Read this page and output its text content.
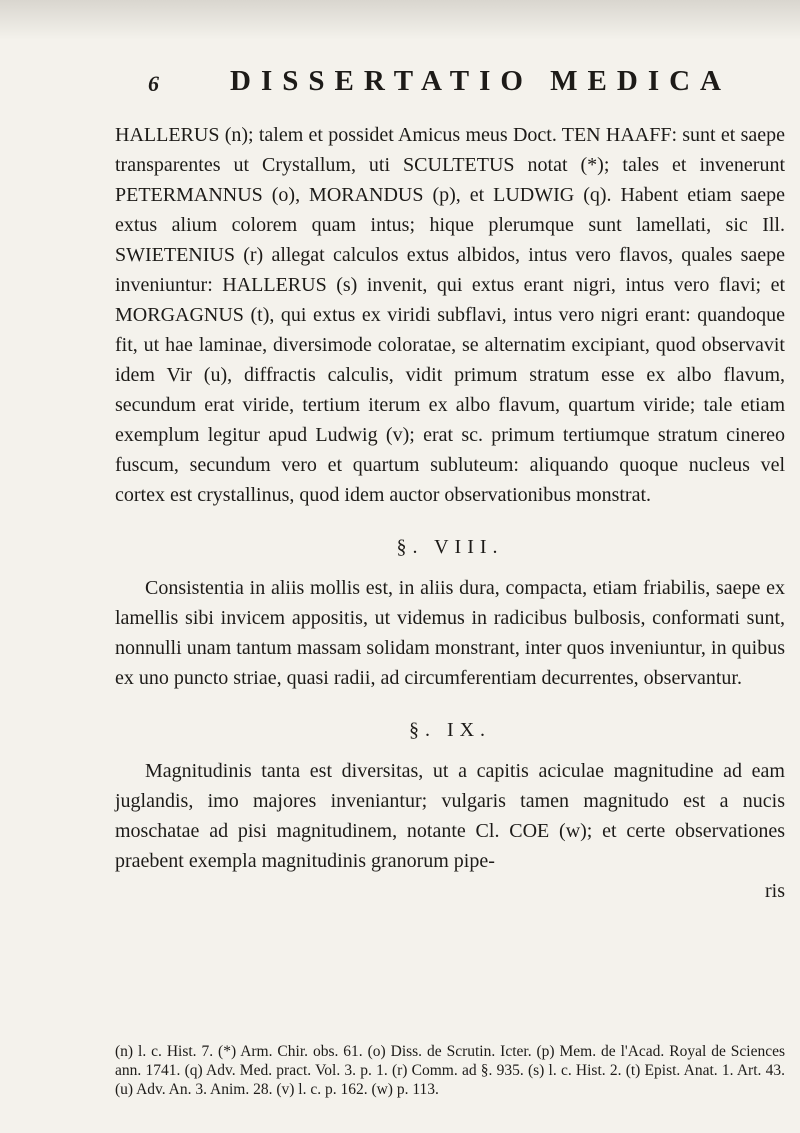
6 DISSERTATIO MEDICA

HALLERUS (n); talem et possidet Amicus meus Doct. TEN HAAFF: sunt et saepe transparentes ut Crystallum, uti SCULTETUS notat (*); tales et invenerunt PETERMANNUS (o), MORANDUS (p), et LUDWIG (q). Habent etiam saepe extus alium colorem quam intus; hique plerumque sunt lamellati, sic Ill. SWIETENIUS (r) allegat calculos extus albidos, intus vero flavos, quales saepe inveniuntur: HALLERUS (s) invenit, qui extus erant nigri, intus vero flavi; et MORGAGNUS (t), qui extus ex viridi subflavi, intus vero nigri erant: quandoque fit, ut hae laminae, diversimode coloratae, se alternatim excipiant, quod observavit idem Vir (u), diffractis calculis, vidit primum stratum esse ex albo flavum, secundum erat viride, tertium iterum ex albo flavum, quartum viride; tale etiam exemplum legitur apud Ludwig (v); erat sc. primum tertiumque stratum cinereo fuscum, secundum vero et quartum subluteum: aliquando quoque nucleus vel cortex est crystallinus, quod idem auctor observationibus monstrat.

§. VIII.

Consistentia in aliis mollis est, in aliis dura, compacta, etiam friabilis, saepe ex lamellis sibi invicem appositis, ut videmus in radicibus bulbosis, conformati sunt, nonnulli unam tantum massam solidam monstrant, inter quos inveniuntur, in quibus ex uno puncto striae, quasi radii, ad circumferentiam decurrentes, observantur.

§. IX.

Magnitudinis tanta est diversitas, ut a capitis aciculae magnitudine ad eam juglandis, imo majores inveniantur; vulgaris tamen magnitudo est a nucis moschatae ad pisi magnitudinem, notante Cl. COE (w); et certe observationes praebent exempla magnitudinis granorum pipe-

ris

(n) l. c. Hist. 7. (*) Arm. Chir. obs. 61. (o) Diss. de Scrutin. Icter. (p) Mem. de l'Acad. Royal de Sciences ann. 1741. (q) Adv. Med. pract. Vol. 3. p. 1. (r) Comm. ad §. 935. (s) l. c. Hist. 2. (t) Epist. Anat. 1. Art. 43. (u) Adv. An. 3. Anim. 28. (v) l. c. p. 162. (w) p. 113.
